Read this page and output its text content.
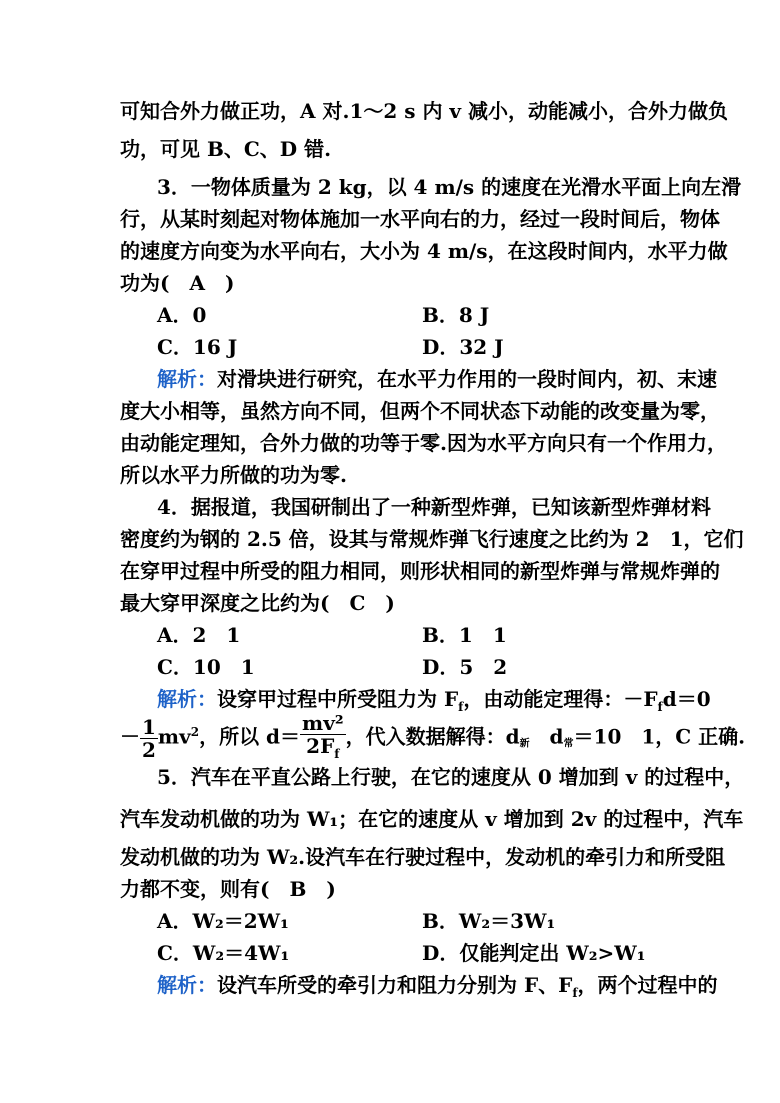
可知合外力做正功，A 对.1～2 s 内 v 减小，动能减小，合外力做负
功，可见 B、C、D 错.
3．一物体质量为 2 kg，以 4 m/s 的速度在光滑水平面上向左滑
行，从某时刻起对物体施加一水平向右的力，经过一段时间后，物体
的速度方向变为水平向右，大小为 4 m/s，在这段时间内，水平力做
功为(　A　)
A．0	B．8 J
C．16 J	D．32 J
解析：对滑块进行研究，在水平力作用的一段时间内，初、末速
度大小相等，虽然方向不同，但两个不同状态下动能的改变量为零，
由动能定理知，合外力做的功等于零.因为水平方向只有一个作用力，
所以水平力所做的功为零.
4．据报道，我国研制出了一种新型炸弹，已知该新型炸弹材料
密度约为钢的 2.5 倍，设其与常规炸弹飞行速度之比约为 2　1，它们
在穿甲过程中所受的阻力相同，则形状相同的新型炸弹与常规炸弹的
最大穿甲深度之比约为(　C　)
A．2　1	B．1　1
C．10　1	D．5　2
解析：设穿甲过程中所受阻力为 $F_f$，由动能定理得：$-F_fd=0$
－ $\frac{1}{2} mv^2$，所以 $d= \frac{\text{mv²}}{2F_f}$ ，代入数据解得：d新　d常＝10　1，C 正确.
5．汽车在平直公路上行驶，在它的速度从 0 增加到 v 的过程中，
汽车发动机做的功为 W₁；在它的速度从 v 增加到 2v 的过程中，汽车
发动机做的功为 W₂.设汽车在行驶过程中，发动机的牵引力和所受阻
力都不变，则有(　B　)
A．W₂＝2W₁	B．W₂＝3W₁
C．W₂＝4W₁	D．仅能判定出 W₂>W₁
解析：设汽车所受的牵引力和阻力分别为 F、$F_f$，两个过程中的
